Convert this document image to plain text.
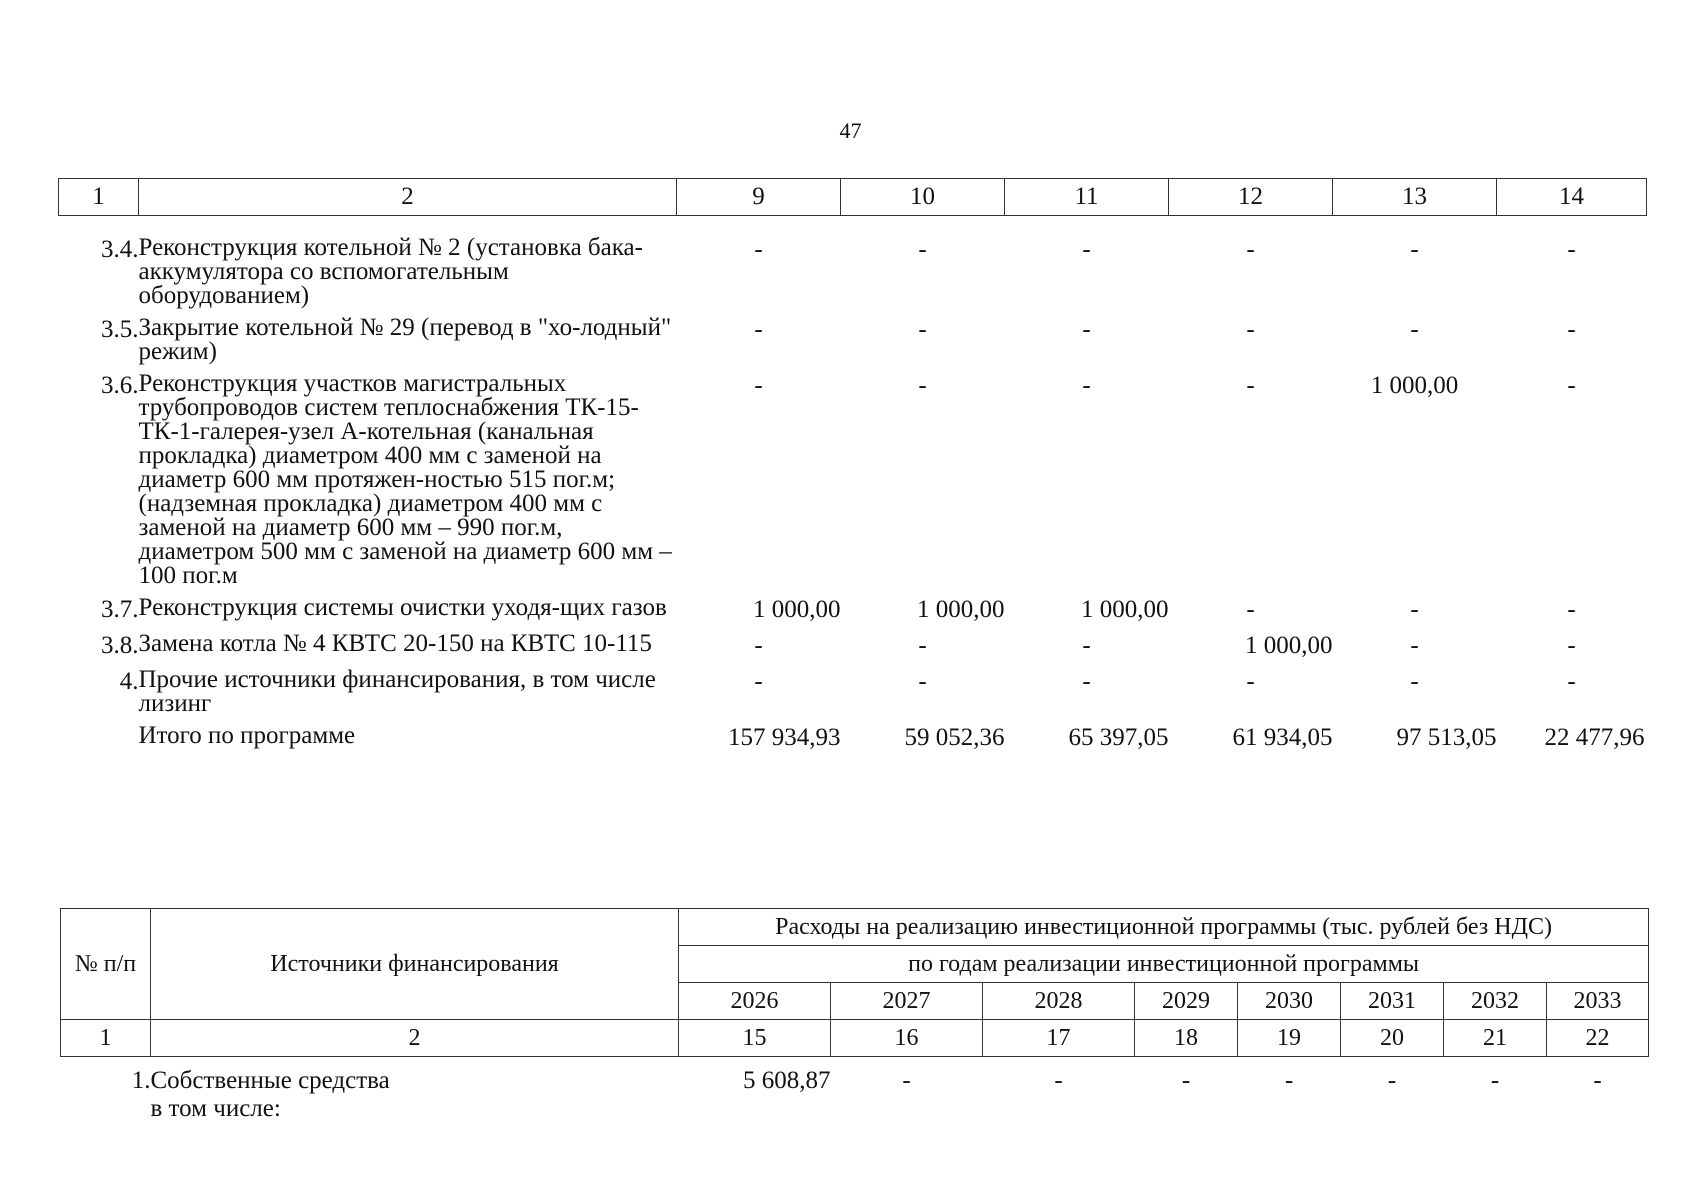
47
1	2	9	10	11	12	13	14

3.4.	Реконструкция котельной № 2 (установка бака-аккумулятора со вспомогательным оборудованием)	-	-	-	-	-	-
3.5.	Закрытие котельной № 29 (перевод в "хо-лодный" режим)	-	-	-	-	-	-
3.6.	Реконструкция участков магистральных трубопроводов систем теплоснабжения ТК-15-ТК-1-галерея-узел А-котельная (канальная прокладка) диаметром 400 мм с заменой на диаметр 600 мм протяжен-ностью 515 пог.м; (надземная прокладка) диаметром 400 мм с заменой на диаметр 600 мм – 990 пог.м, диаметром 500 мм с заменой на диаметр 600 мм – 100 пог.м	-	-	-	-	1 000,00	-
3.7.	Реконструкция системы очистки уходя-щих газов	1 000,00	1 000,00	1 000,00	-	-	-
3.8.	Замена котла № 4 КВТС 20-150 на КВТС 10-115	-	-	-	1 000,00	-	-
4.	Прочие источники финансирования, в том числе лизинг	-	-	-	-	-	-
	Итого по программе	157 934,93	59 052,36	65 397,05	61 934,05	97 513,05	22 477,96
№ п/п	Источники финансирования	Расходы на реализацию инвестиционной программы (тыс. рублей без НДС)							
		по годам реализации инвестиционной программы							
		2026	2027	2028	2029	2030	2031	2032	2033
1	2	15	16	17	18	19	20	21	22
1.	Собственные средства	5 608,87	-	-	-	-	-	-	-
	в том числе:								
